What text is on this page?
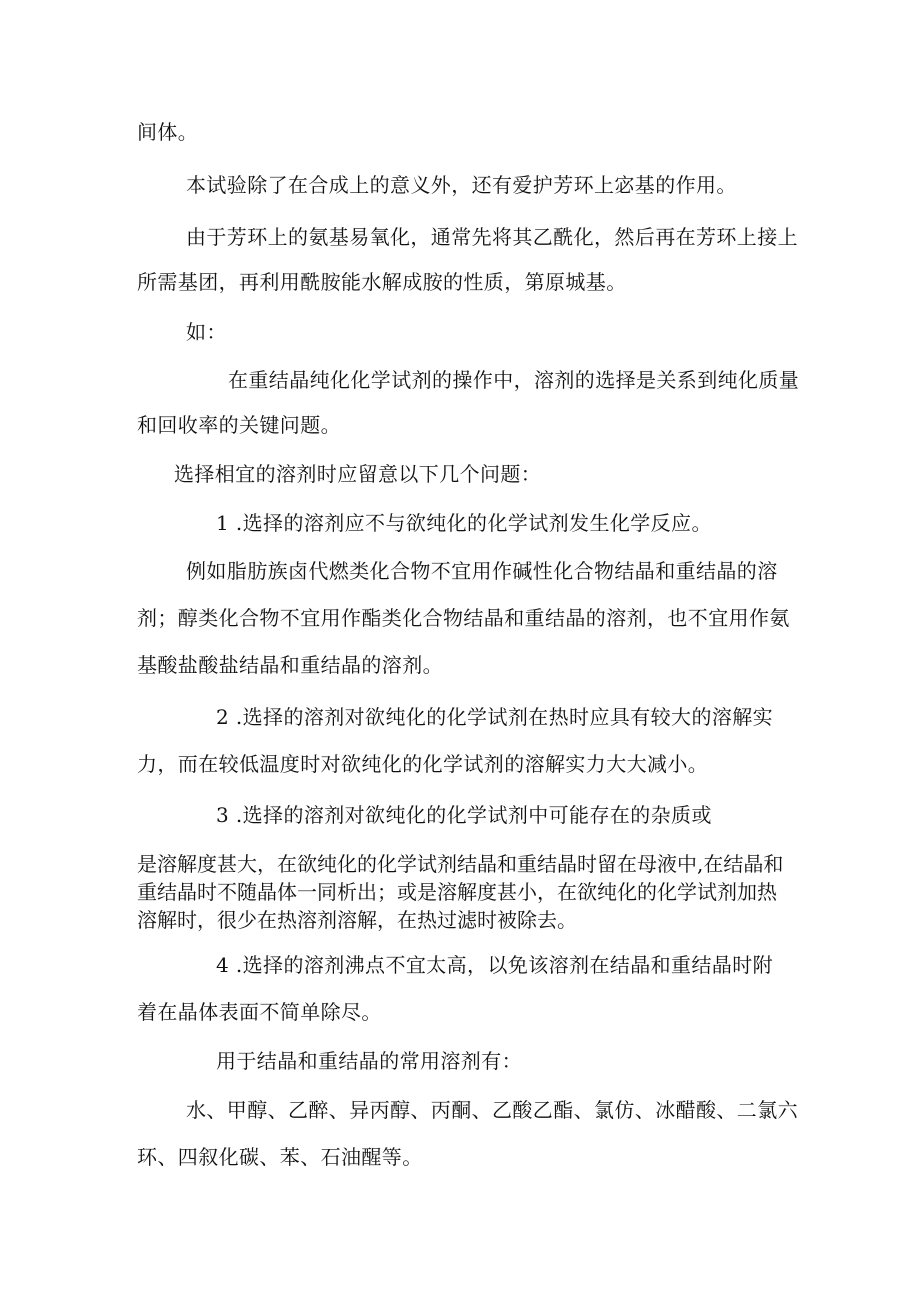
间体。
本试验除了在合成上的意义外，还有爱护芳环上宓基的作用。
由于芳环上的氨基易氧化，通常先将其乙酰化，然后再在芳环上接上
所需基团，再利用酰胺能水解成胺的性质，第原城基。
如：
在重结晶纯化化学试剂的操作中，溶剂的选择是关系到纯化质量
和回收率的关键问题。
选择相宜的溶剂时应留意以下几个问题：
1 .选择的溶剂应不与欲纯化的化学试剂发生化学反应。
例如脂肪族卤代燃类化合物不宜用作碱性化合物结晶和重结晶的溶
剂；醇类化合物不宜用作酯类化合物结晶和重结晶的溶剂，也不宜用作氨
基酸盐酸盐结晶和重结晶的溶剂。
2 .选择的溶剂对欲纯化的化学试剂在热时应具有较大的溶解实
力，而在较低温度时对欲纯化的化学试剂的溶解实力大大减小。
3 .选择的溶剂对欲纯化的化学试剂中可能存在的杂质或
是溶解度甚大，在欲纯化的化学试剂结晶和重结晶时留在母液中,在结晶和
重结晶时不随晶体一同析出；或是溶解度甚小，在欲纯化的化学试剂加热
溶解时，很少在热溶剂溶解，在热过滤时被除去。
4 .选择的溶剂沸点不宜太高，以免该溶剂在结晶和重结晶时附
着在晶体表面不简单除尽。
用于结晶和重结晶的常用溶剂有：
水、甲醇、乙醉、异丙醇、丙酮、乙酸乙酯、氯仿、冰醋酸、二氯六
环、四叙化碳、苯、石油醒等。
